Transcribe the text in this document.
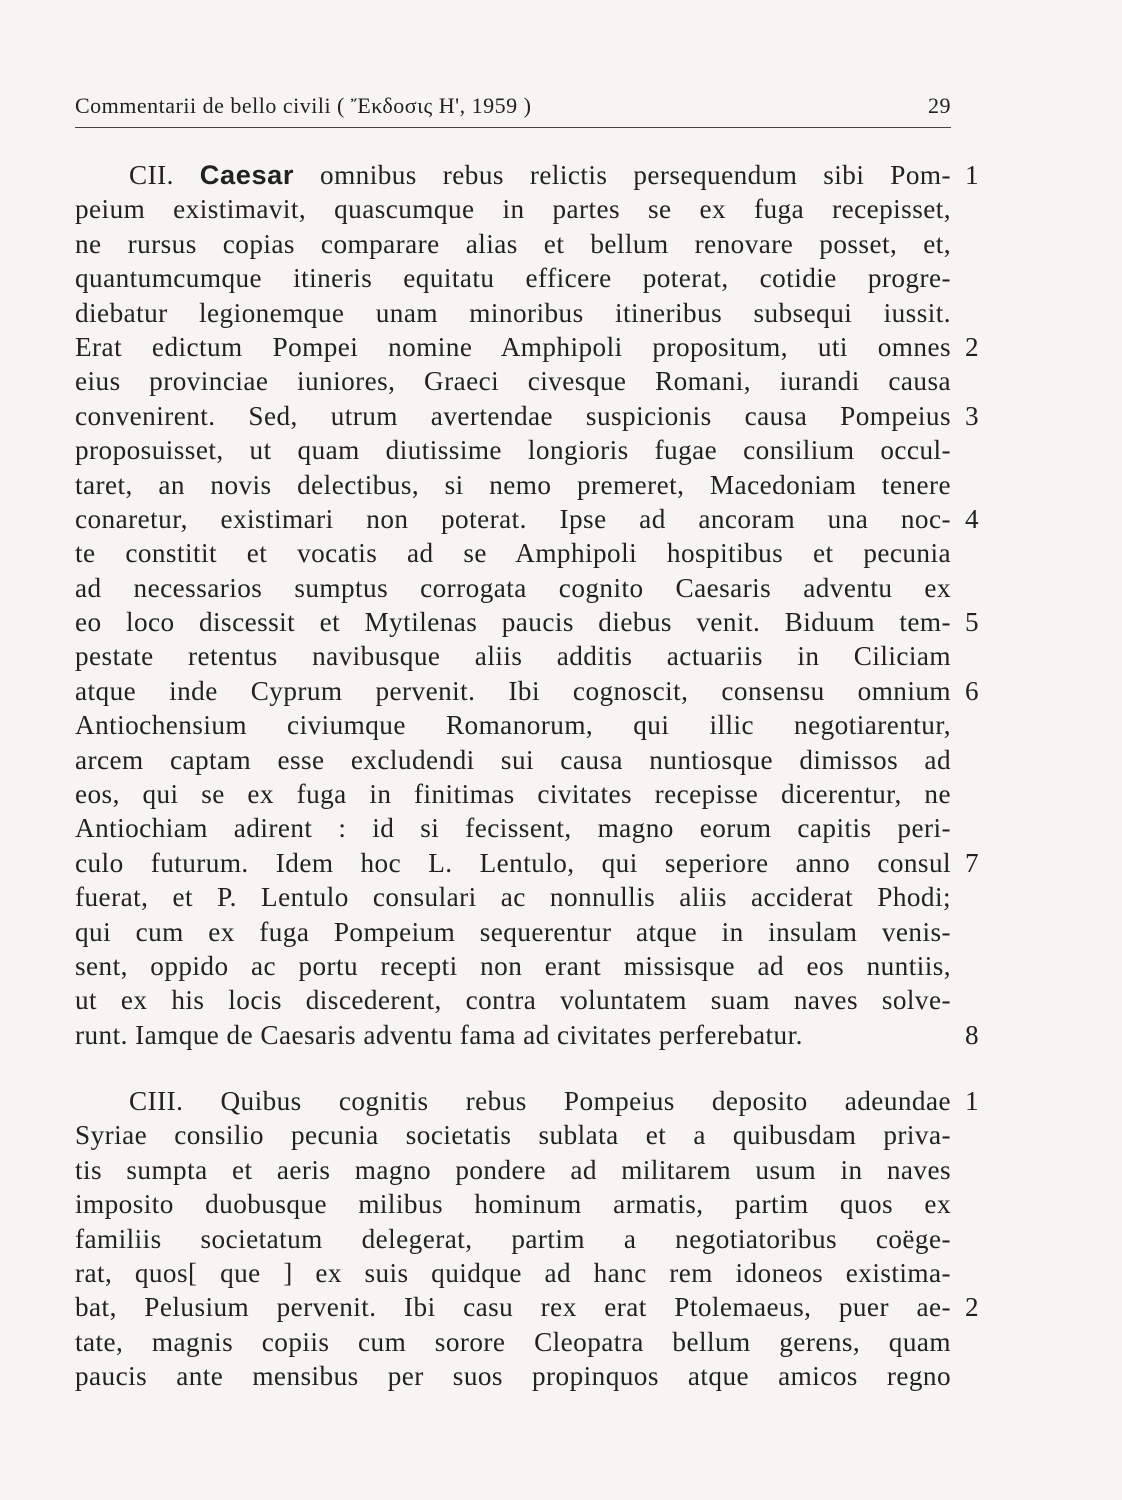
Commentarii de bello civili ( Ἔκδοσις Η', 1959 )	29
CII. Caesar omnibus rebus relictis persequendum sibi Pom-
peium existimavit, quascumque in partes se ex fuga recepisset,
ne rursus copias comparare alias et bellum renovare posset, et,
quantumcumque itineris equitatu efficere poterat, cotidie progre-
diebatur legionemque unam minoribus itineribus subsequi iussit.
Erat edictum Pompei nomine Amphipoli propositum, uti omnes
eius provinciae iuniores, Graeci civesque Romani, iurandi causa
convenirent. Sed, utrum avertendae suspicionis causa Pompeius
proposuisset, ut quam diutissime longioris fugae consilium occul-
taret, an novis delectibus, si nemo premeret, Macedoniam tenere
conaretur, existimari non poterat. Ipse ad ancoram una noc-
te constitit et vocatis ad se Amphipoli hospitibus et pecunia
ad necessarios sumptus corrogata cognito Caesaris adventu ex
eo loco discessit et Mytilenas paucis diebus venit. Biduum tem-
pestate retentus navibusque aliis additis actuariis in Ciliciam
atque inde Cyprum pervenit. Ibi cognoscit, consensu omnium
Antiochensium civiumque Romanorum, qui illic negotiarentur,
arcem captam esse excludendi sui causa nuntiosque dimissos ad
eos, qui se ex fuga in finitimas civitates recepisse dicerentur, ne
Antiochiam adirent : id si fecissent, magno eorum capitis peri-
culo futurum. Idem hoc L. Lentulo, qui seperiore anno consul
fuerat, et P. Lentulo consulari ac nonnullis aliis acciderat Phodi;
qui cum ex fuga Pompeium sequerentur atque in insulam venis-
sent, oppido ac portu recepti non erant missisque ad eos nuntiis,
ut ex his locis discederent, contra voluntatem suam naves solve-
runt. Iamque de Caesaris adventu fama ad civitates perferebatur.
CIII. Quibus cognitis rebus Pompeius deposito adeundae
Syriae consilio pecunia societatis sublata et a quibusdam priva-
tis sumpta et aeris magno pondere ad militarem usum in naves
imposito duobusque milibus hominum armatis, partim quos ex
familiis societatum delegerat, partim a negotiatoribus coëge-
rat, quos[ que ] ex suis quidque ad hanc rem idoneos existima-
bat, Pelusium pervenit. Ibi casu rex erat Ptolemaeus, puer ae-
tate, magnis copiis cum sorore Cleopatra bellum gerens, quam
paucis ante mensibus per suos propinquos atque amicos regno
1
2
3
4
5
6
7
8
1
2
